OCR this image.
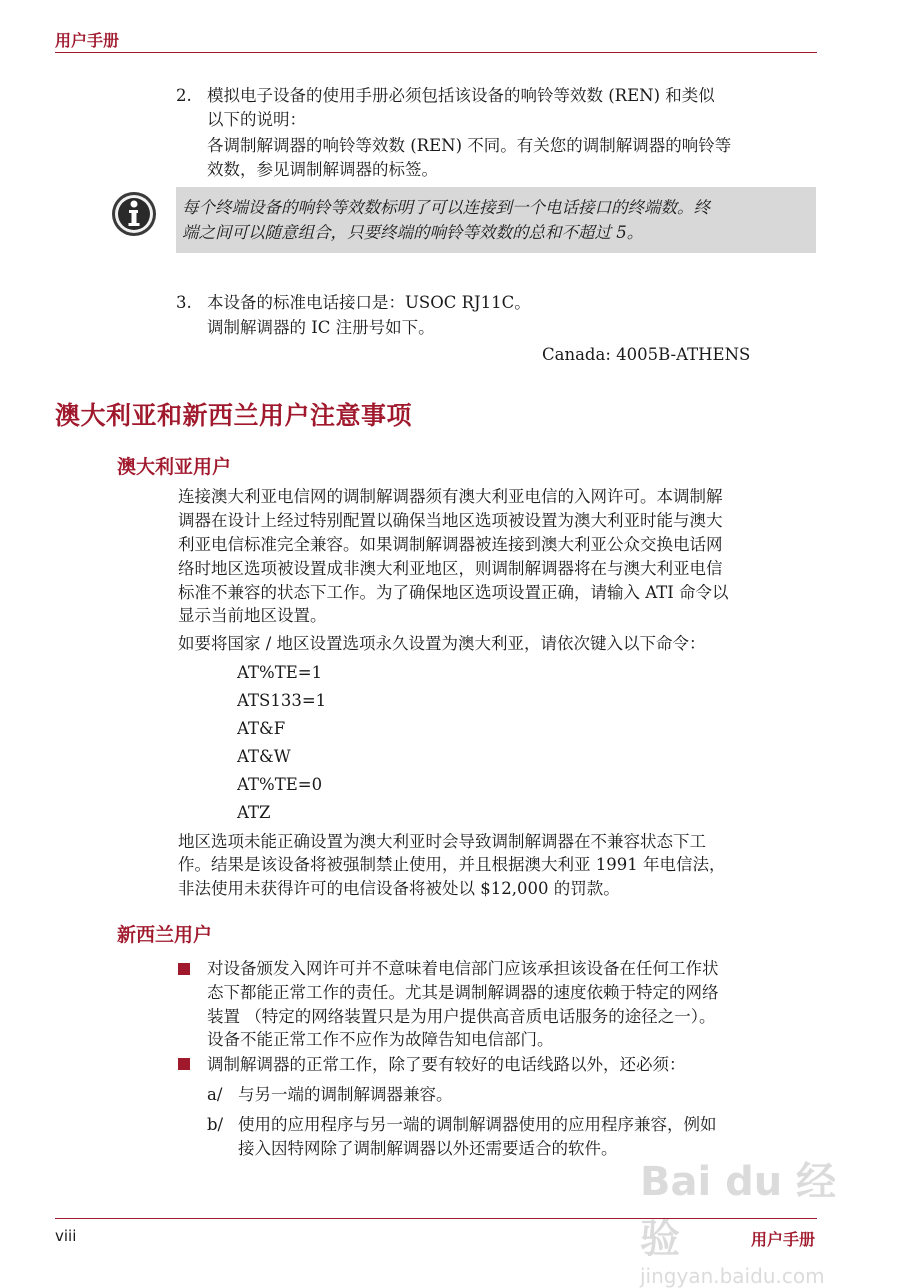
用户手册
2. 模拟电子设备的使用手册必须包括该设备的响铃等效数 (REN) 和类似

以下的说明：

各调制解调器的响铃等效数 (REN) 不同。有关您的调制解调器的响铃等

效数，参见调制解调器的标签。

每个终端设备的响铃等效数标明了可以连接到一个电话接口的终端数。终
端之间可以随意组合，只要终端的响铃等效数的总和不超过 5。
3. 本设备的标准电话接口是：USOC RJ11C。

调制解调器的 IC 注册号如下。

Canada: 4005B-ATHENS

澳大利亚和新西兰用户注意事项
澳大利亚用户

连接澳大利亚电信网的调制解调器须有澳大利亚电信的入网许可。本调制解

调器在设计上经过特别配置以确保当地区选项被设置为澳大利亚时能与澳大

利亚电信标准完全兼容。如果调制解调器被连接到澳大利亚公众交换电话网

络时地区选项被设置成非澳大利亚地区，则调制解调器将在与澳大利亚电信

标准不兼容的状态下工作。为了确保地区选项设置正确，请输入 ATI 命令以

显示当前地区设置。

如要将国家 / 地区设置选项永久设置为澳大利亚，请依次键入以下命令：

AT%TE=1
ATS133=1
AT&F
AT&W
AT%TE=0
ATZ

地区选项未能正确设置为澳大利亚时会导致调制解调器在不兼容状态下工

作。结果是该设备将被强制禁止使用，并且根据澳大利亚 1991 年电信法，

非法使用未获得许可的电信设备将被处以 $12,000 的罚款。

新西兰用户

对设备颁发入网许可并不意味着电信部门应该承担该设备在任何工作状

态下都能正常工作的责任。尤其是调制解调器的速度依赖于特定的网络

装置 （特定的网络装置只是为用户提供高音质电话服务的途径之一）。

设备不能正常工作不应作为故障告知电信部门。

调制解调器的正常工作，除了要有较好的电话线路以外，还必须：

a/ 与另一端的调制解调器兼容。

b/ 使用的应用程序与另一端的调制解调器使用的应用程序兼容，例如

接入因特网除了调制解调器以外还需要适合的软件。

Bai du 经验
jingyan.baidu.com
viii	用户手册
